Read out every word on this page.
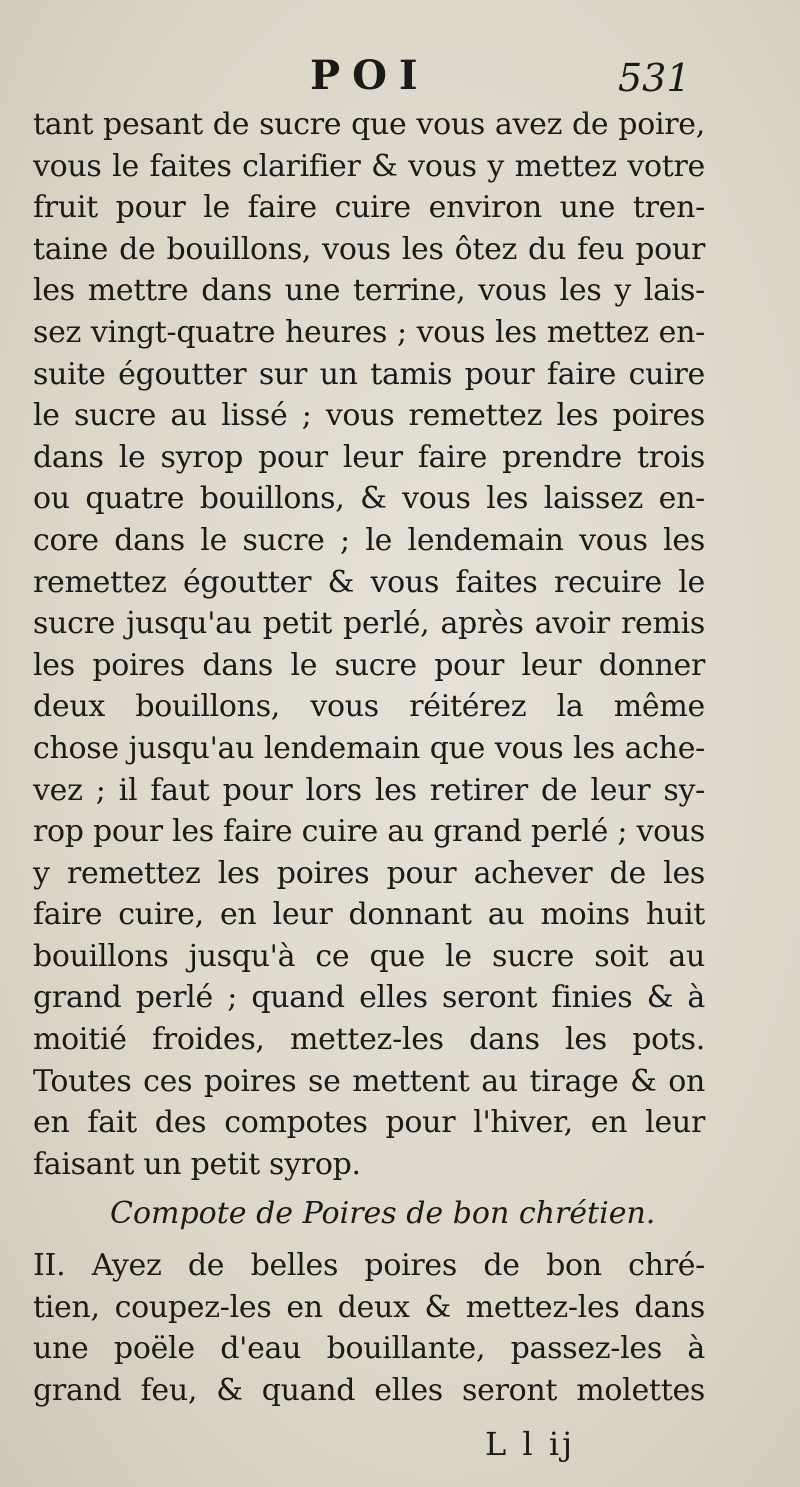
POI	531
tant pesant de sucre que vous avez de poire,
vous le faites clarifier & vous y mettez votre
fruit pour le faire cuire environ une tren-
taine de bouillons, vous les ôtez du feu pour
les mettre dans une terrine, vous les y lais-
sez vingt-quatre heures ; vous les mettez en-
suite égoutter sur un tamis pour faire cuire
le sucre au lissé ; vous remettez les poires
dans le syrop pour leur faire prendre trois
ou quatre bouillons, & vous les laissez en-
core dans le sucre ; le lendemain vous les
remettez égoutter & vous faites recuire le
sucre jusqu'au petit perlé, après avoir remis
les poires dans le sucre pour leur donner
deux bouillons, vous réitérez la même
chose jusqu'au lendemain que vous les ache-
vez ; il faut pour lors les retirer de leur sy-
rop pour les faire cuire au grand perlé ; vous
y remettez les poires pour achever de les
faire cuire, en leur donnant au moins huit
bouillons jusqu'à ce que le sucre soit au
grand perlé ; quand elles seront finies & à
moitié froides, mettez-les dans les pots.
Toutes ces poires se mettent au tirage & on
en fait des compotes pour l'hiver, en leur
faisant un petit syrop.
Compote de Poires de bon chrétien.
II. Ayez de belles poires de bon chré-
tien, coupez-les en deux & mettez-les dans
une poële d'eau bouillante, passez-les à
grand feu, & quand elles seront molettes
L l ij
